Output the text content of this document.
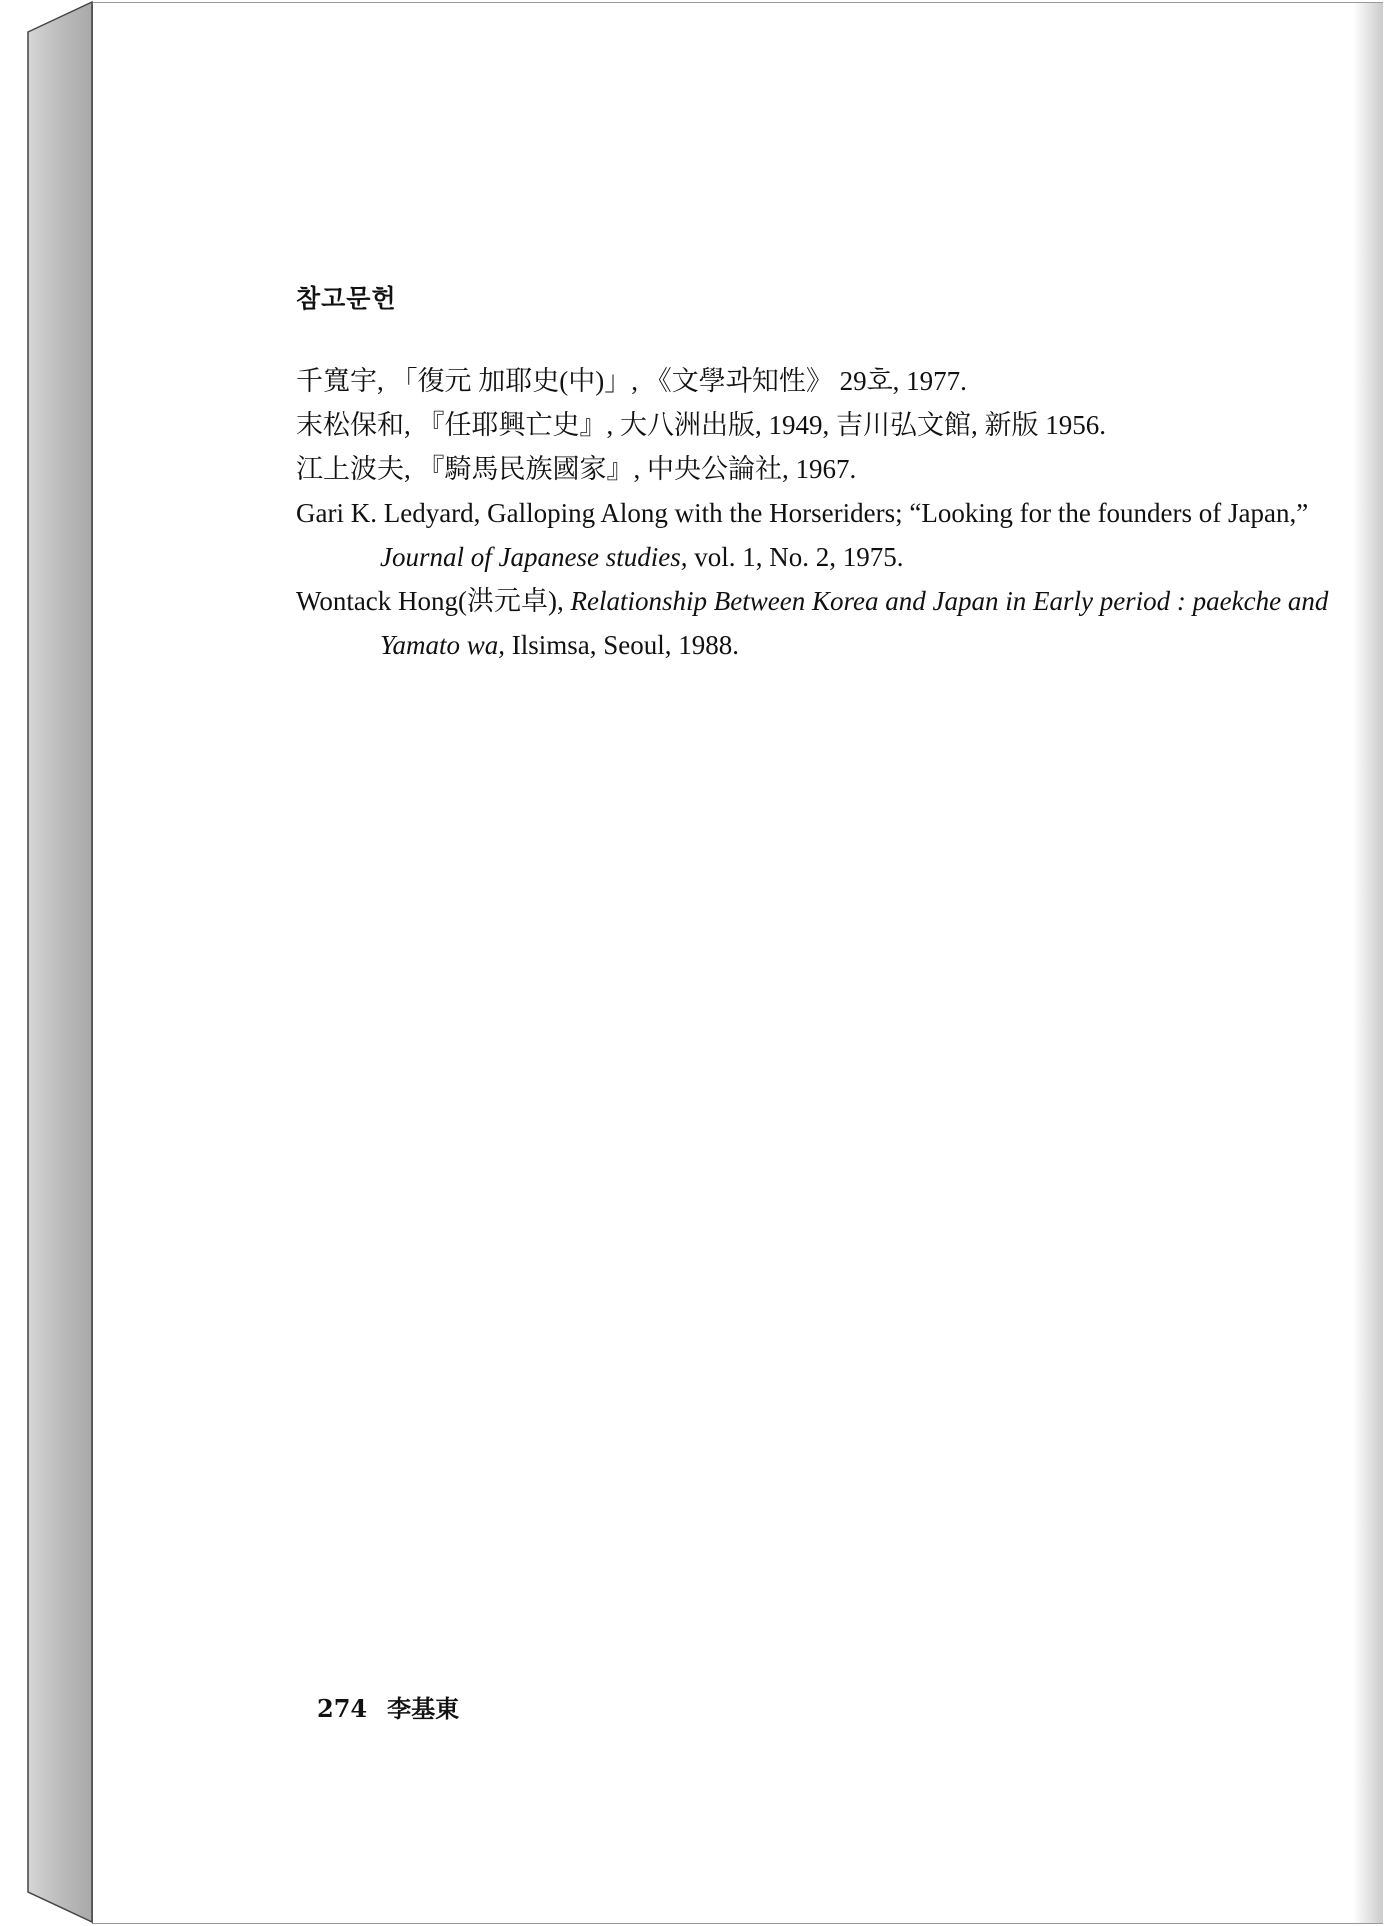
참고문헌
千寬宇, 「復元 加耶史(中)」, 《文學과知性》 29호, 1977.
末松保和, 『任耶興亡史』, 大八洲出版, 1949, 吉川弘文館, 新版 1956.
江上波夫, 『騎馬民族國家』, 中央公論社, 1967.
Gari K. Ledyard, Galloping Along with the Horseriders; “Looking for the founders of Japan,” Journal of Japanese studies, vol. 1, No. 2, 1975.
Wontack Hong(洪元卓), Relationship Between Korea and Japan in Early period : paekche and Yamato wa, Ilsimsa, Seoul, 1988.
274 李基東
